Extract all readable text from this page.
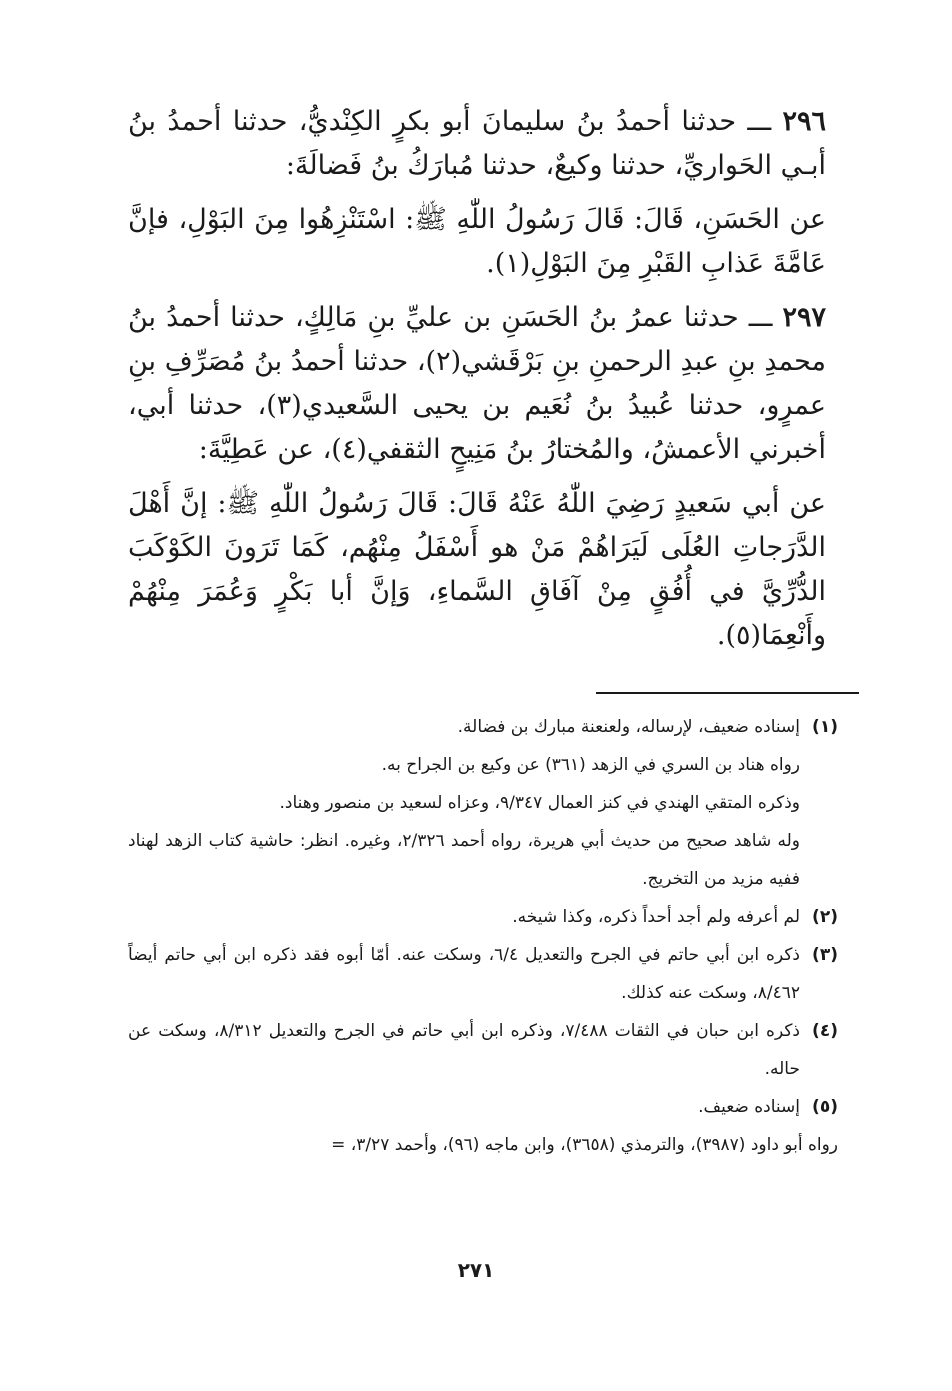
٢٩٦ ـــ حدثنا أحمدُ بنُ سليمانَ أبو بكرٍ الكِنْديُّ، حدثنا أحمدُ بنُ أبـي الحَواريِّ، حدثنا وكيعٌ، حدثنا مُبارَكُ بنُ فَضالَةَ:

عن الحَسَنِ، قَالَ: قَالَ رَسُولُ اللّٰهِ ﷺ: اسْتَنْزِهُوا مِنَ البَوْلِ، فإنَّ عَامَّةَ عَذابِ القَبْرِ مِنَ البَوْلِ(١).

٢٩٧ ـــ حدثنا عمرُ بنُ الحَسَنِ بن عليِّ بنِ مَالِكٍ، حدثنا أحمدُ بنُ محمدِ بنِ عبدِ الرحمنِ بنِ بَرْقَشي(٢)، حدثنا أحمدُ بنُ مُصَرِّفِ بنِ عمرٍو، حدثنا عُبيدُ بنُ نُعَيم بن يحيى السَّعيدي(٣)، حدثنا أبي، أخبرني الأعمشُ، والمُختارُ بنُ مَنِيحٍ الثقفي(٤)، عن عَطِيَّةَ:

عن أبي سَعيدٍ رَضِيَ اللّٰهُ عَنْهُ قَالَ: قَالَ رَسُولُ اللّٰهِ ﷺ: إنَّ أَهْلَ الدَّرَجاتِ العُلَى لَيَرَاهُمْ مَنْ هو أَسْفَلُ مِنْهُم، كَمَا تَرَونَ الكَوْكَبَ الدُّرِّيَّ في أُفُقٍ مِنْ آفَاقِ السَّماءِ، وَإنَّ أبا بَكْرٍ وَعُمَرَ مِنْهُمْ وأَنْعِمَا(٥).

(١)
إسناده ضعيف، لإرساله، ولعنعنة مبارك بن فضالة.
رواه هناد بن السري في الزهد (٣٦١) عن وكيع بن الجراح به.
وذكره المتقي الهندي في كنز العمال ٩/٣٤٧، وعزاه لسعيد بن منصور وهناد.
وله شاهد صحيح من حديث أبي هريرة، رواه أحمد ٢/٣٢٦، وغيره. انظر: حاشية كتاب الزهد لهناد ففيه مزيد من التخريج.
(٢)
لم أعرفه ولم أجد أحداً ذكره، وكذا شيخه.
(٣)
ذكره ابن أبي حاتم في الجرح والتعديل ٦/٤، وسكت عنه. أمّا أبوه فقد ذكره ابن أبي حاتم أيضاً ٨/٤٦٢، وسكت عنه كذلك.
(٤)
ذكره ابن حبان في الثقات ٧/٤٨٨، وذكره ابن أبي حاتم في الجرح والتعديل ٨/٣١٢، وسكت عن حاله.
(٥)
إسناده ضعيف.
رواه أبو داود (٣٩٨٧)، والترمذي (٣٦٥٨)، وابن ماجه (٩٦)، وأحمد ٣/٢٧، =
٢٧١
